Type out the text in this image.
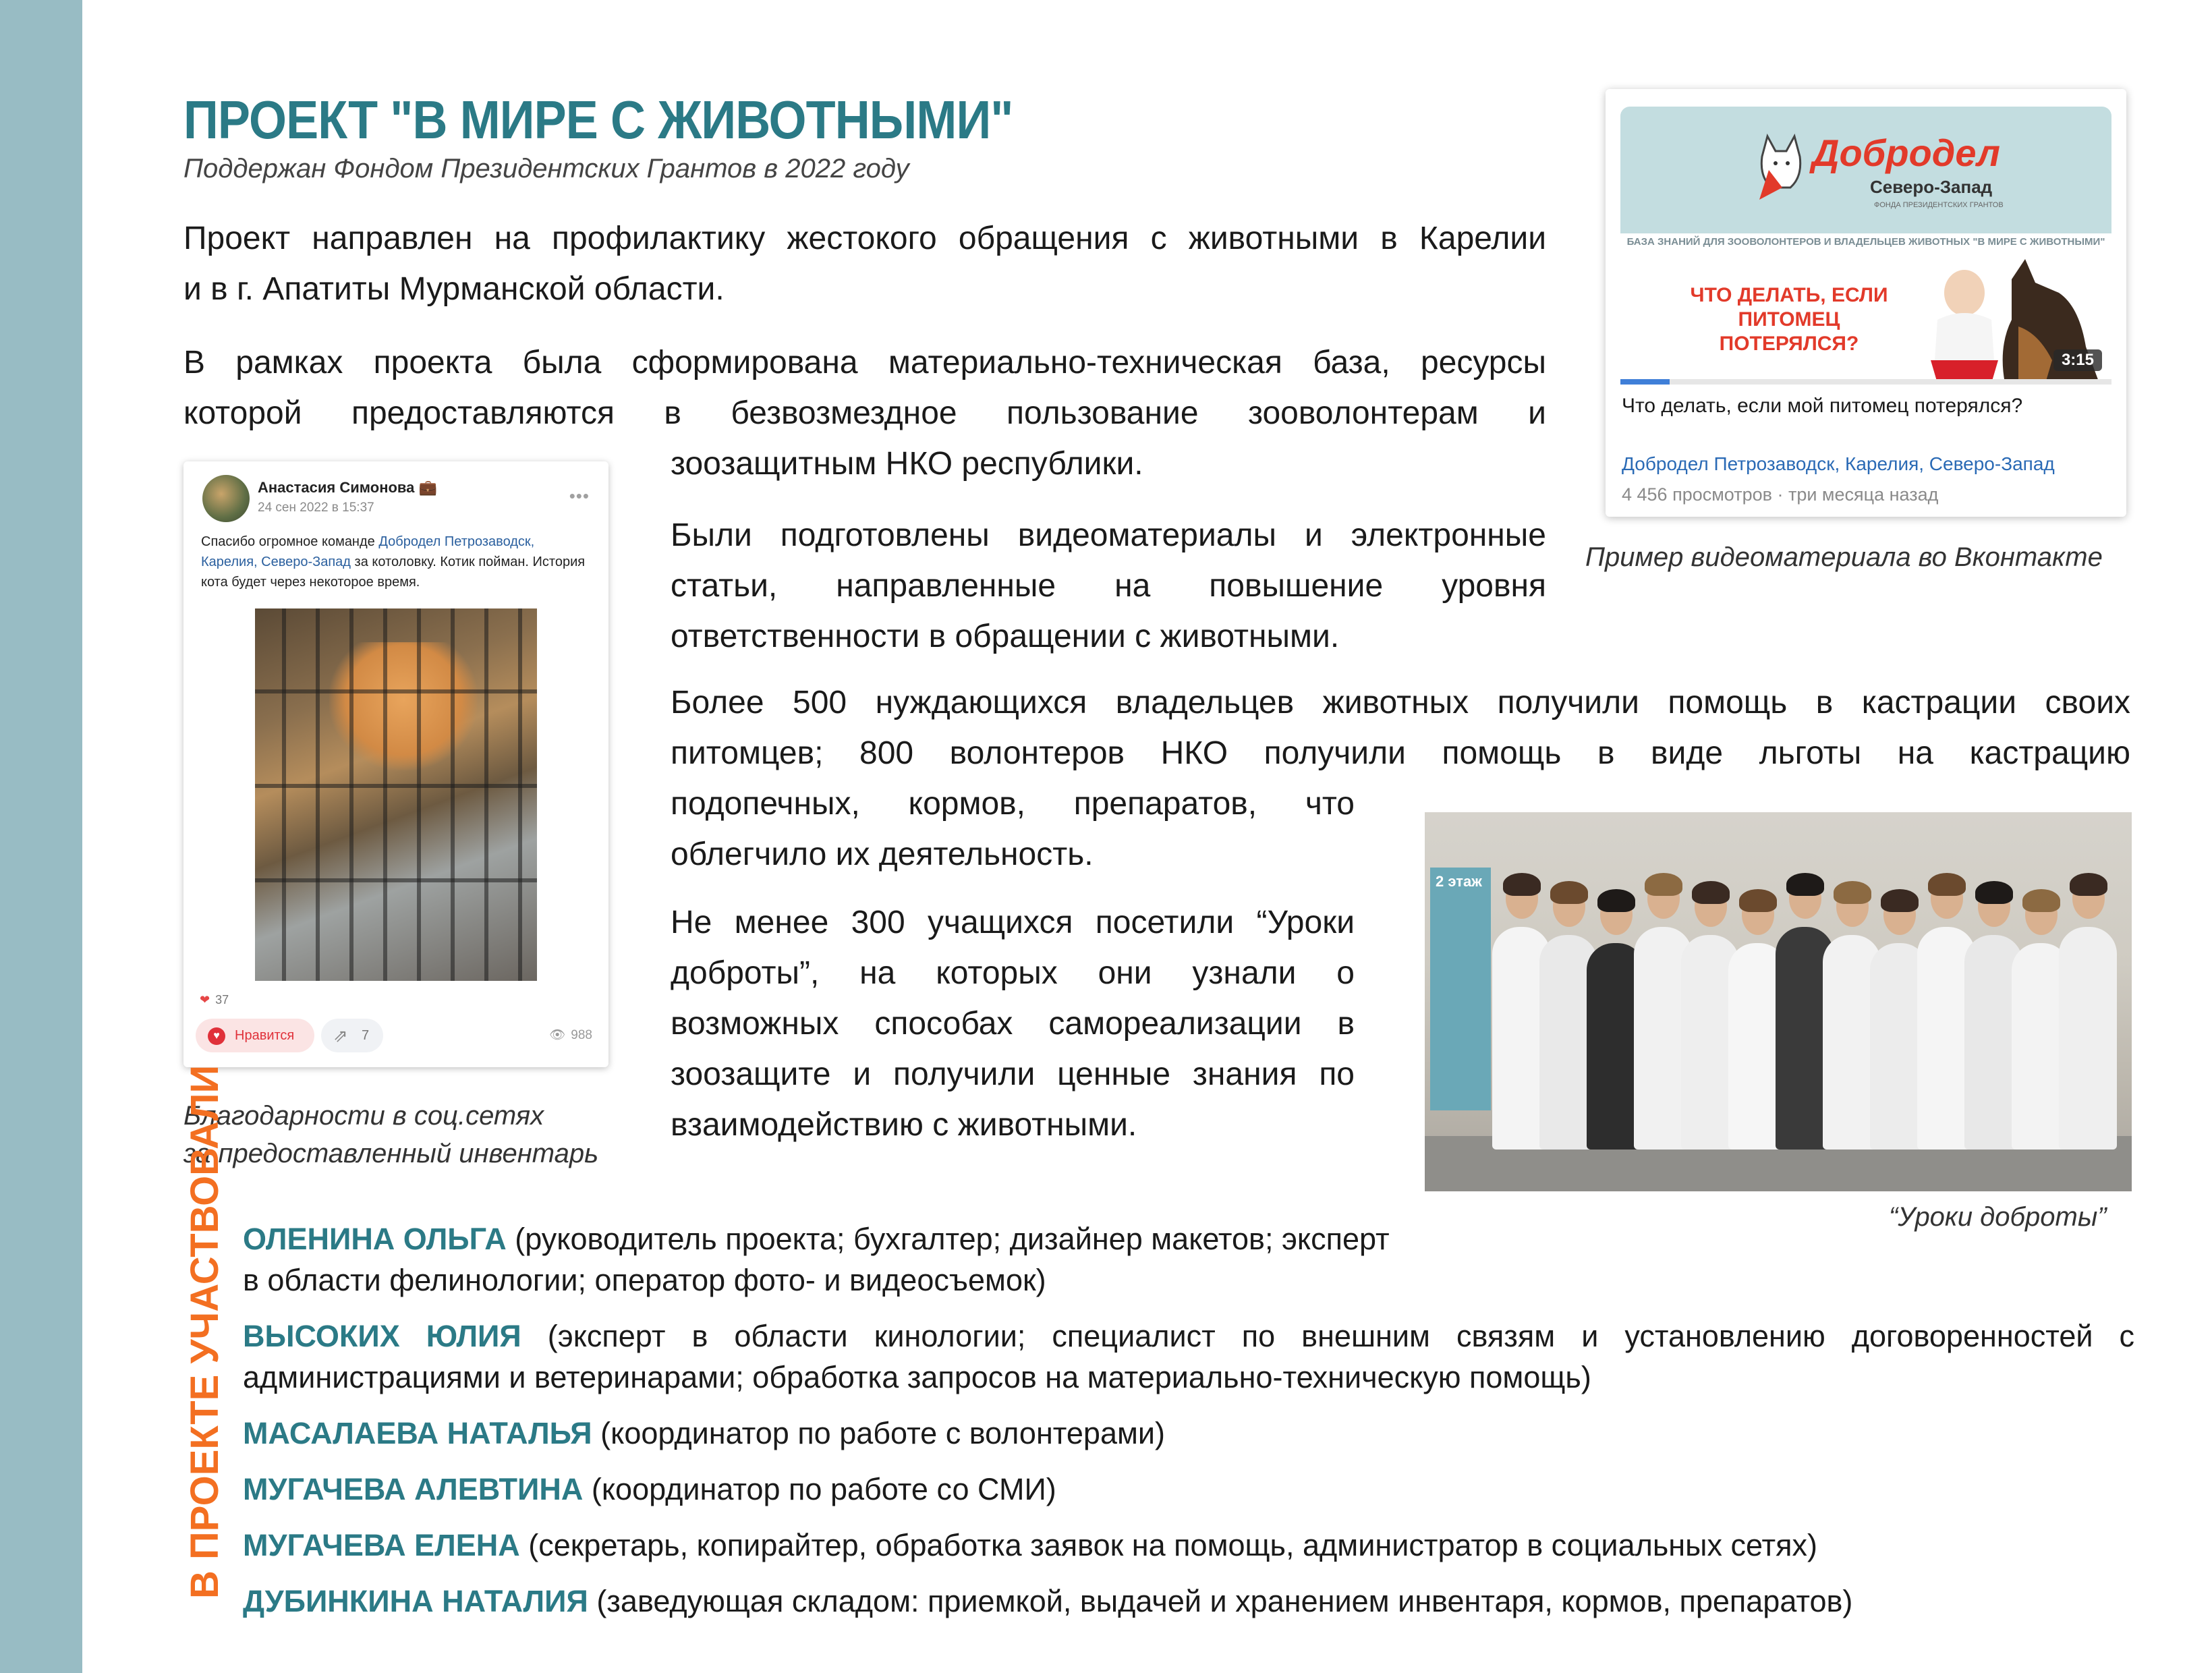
ПРОЕКТ "В МИРЕ С ЖИВОТНЫМИ"
Поддержан Фондом Президентских Грантов в 2022 году
Проект направлен на профилактику жестокого обращения с животными в Карелии
и в г. Апатиты Мурманской области.
В рамках проекта была сформирована материально-техническая база, ресурсы
которой предоставляются в безвозмездное пользование зооволонтерам и
зоозащитным НКО республики.
Были подготовлены видеоматериалы и электронные
статьи, направленные на повышение уровня
ответственности в обращении с животными.
Более 500 нуждающихся владельцев животных получили помощь в кастрации своих
питомцев; 800 волонтеров НКО получили помощь в виде льготы на кастрацию
подопечных, кормов, препаратов, что
облегчило их деятельность.
Не менее 300 учащихся посетили “Уроки
доброты”, на которых они узнали о
возможных способах самореализации в
зоозащите и получили ценные знания по
взаимодействию с животными.
Анастасия Симонова 💼
24 сен 2022 в 15:37
•••
Спасибо огромное команде Добродел Петрозаводск, Карелия, Северо-Запад за котоловку. Котик пойман. История кота будет через некоторое время.
❤ 37
♥	Нравится	⇗ 7	👁 988
Благодарности в соц.сетях
за предоставленный инвентарь
Добродел
Северо-Запад
ФОНДА ПРЕЗИДЕНТСКИХ ГРАНТОВ
БАЗА ЗНАНИЙ ДЛЯ ЗООВОЛОНТЕРОВ И ВЛАДЕЛЬЦЕВ ЖИВОТНЫХ "В МИРЕ С ЖИВОТНЫМИ"
ЧТО ДЕЛАТЬ, ЕСЛИ ПИТОМЕЦ ПОТЕРЯЛСЯ?
3:15
Что делать, если мой питомец потерялся?
Добродел Петрозаводск, Карелия, Северо-Запад
4 456 просмотров · три месяца назад
Пример видеоматериала во Вконтакте
2 этаж
“Уроки доброты”
В ПРОЕКТЕ УЧАСТВОВАЛИ ОЛЕНИНА ОЛЬГА (руководитель проекта; бухгалтер; дизайнер макетов; эксперт
в области фелинологии; оператор фото- и видеосъемок)
ВЫСОКИХ ЮЛИЯ (эксперт в области кинологии; специалист по внешним связям и установлению договоренностей с
администрациями и ветеринарами; обработка запросов на материально-техническую помощь)
МАСАЛАЕВА НАТАЛЬЯ (координатор по работе с волонтерами)
МУГАЧЕВА АЛЕВТИНА (координатор по работе со СМИ)
МУГАЧЕВА ЕЛЕНА (секретарь, копирайтер, обработка заявок на помощь, администратор в социальных сетях)
ДУБИНКИНА НАТАЛИЯ (заведующая складом: приемкой, выдачей и хранением инвентаря, кормов, препаратов)
